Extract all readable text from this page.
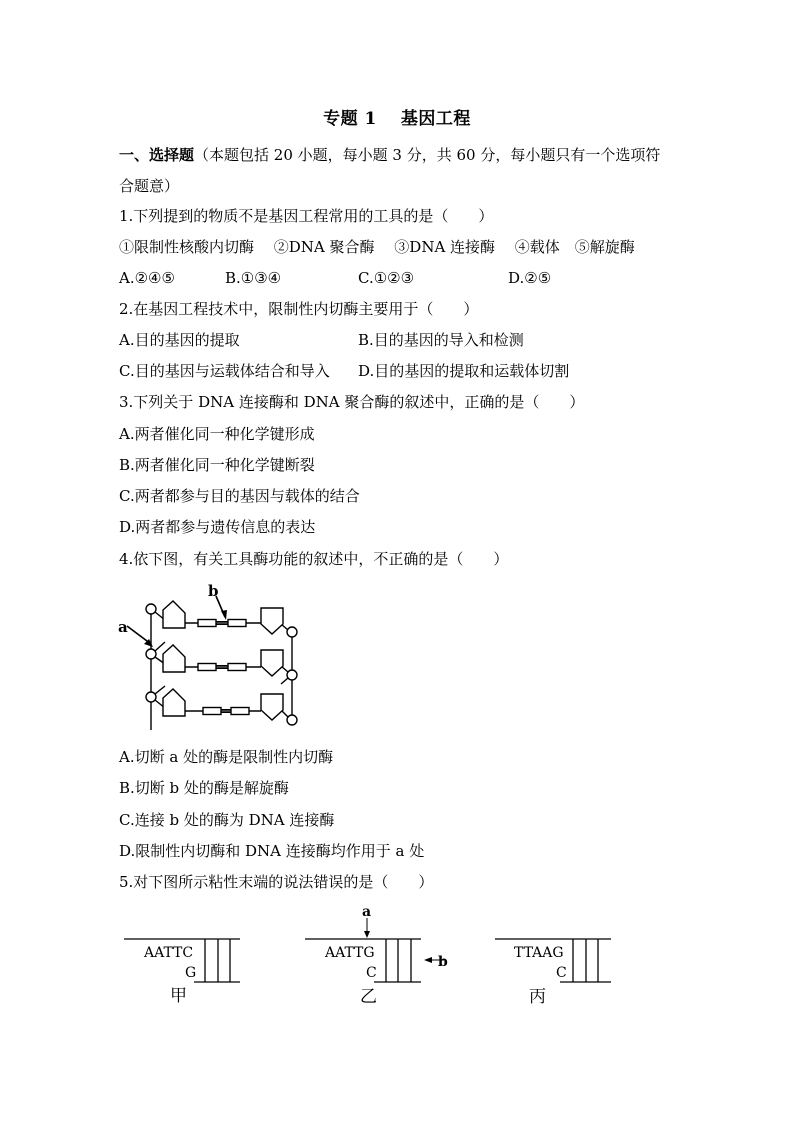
专题 1 基因工程
一、选择题（本题包括 20 小题，每小题 3 分，共 60 分，每小题只有一个选项符
合题意）
1.下列提到的物质不是基因工程常用的工具的是（　　）
①限制性核酸内切酶　 ②DNA 聚合酶　 ③DNA 连接酶　 ④载体　⑤解旋酶
A.②④⑤	B.①③④	C.①②③	D.②⑤
2.在基因工程技术中，限制性内切酶主要用于（　　）
A.目的基因的提取	B.目的基因的导入和检测
C.目的基因与运载体结合和导入 D.目的基因的提取和运载体切割
3.下列关于 DNA 连接酶和 DNA 聚合酶的叙述中，正确的是（　　）
A.两者催化同一种化学键形成
B.两者催化同一种化学键断裂
C.两者都参与目的基因与载体的结合
D.两者都参与遗传信息的表达
4.依下图，有关工具酶功能的叙述中，不正确的是（　　）
a
b
A.切断 a 处的酶是限制性内切酶
B.切断 b 处的酶是解旋酶
C.连接 b 处的酶为 DNA 连接酶
D.限制性内切酶和 DNA 连接酶均作用于 a 处
5.对下图所示粘性末端的说法错误的是（　　）
AATTC
G
甲
AATTG
C
乙
a
b
TTAAG
C
丙
